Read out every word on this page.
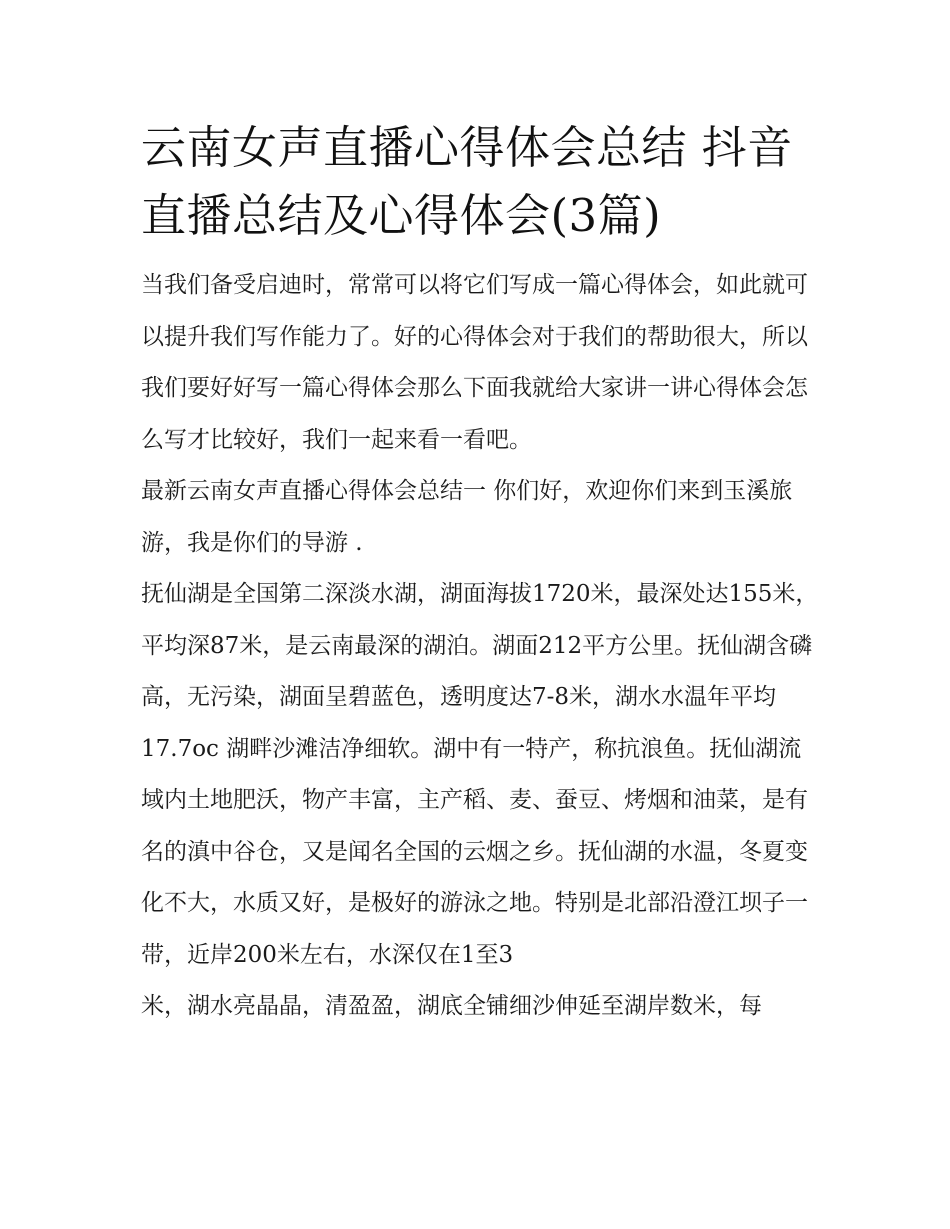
云南女声直播心得体会总结 抖音直播总结及心得体会(3篇)

当我们备受启迪时，常常可以将它们写成一篇心得体会，如此就可以提升我们写作能力了。好的心得体会对于我们的帮助很大，所以我们要好好写一篇心得体会那么下面我就给大家讲一讲心得体会怎么写才比较好，我们一起来看一看吧。

最新云南女声直播心得体会总结一 你们好，欢迎你们来到玉溪旅游，我是你们的导游 .

抚仙湖是全国第二深淡水湖，湖面海拔1720米，最深处达155米，平均深87米，是云南最深的湖泊。湖面212平方公里。抚仙湖含磷高，无污染，湖面呈碧蓝色，透明度达7-8米，湖水水温年平均17.7oc 湖畔沙滩洁净细软。湖中有一特产，称抗浪鱼。抚仙湖流域内土地肥沃，物产丰富，主产稻、麦、蚕豆、烤烟和油菜，是有名的滇中谷仓，又是闻名全国的云烟之乡。抚仙湖的水温，冬夏变化不大，水质又好，是极好的游泳之地。特别是北部沿澄江坝子一带，近岸200米左右，水深仅在1至3

米，湖水亮晶晶，清盈盈，湖底全铺细沙伸延至湖岸数米，每
